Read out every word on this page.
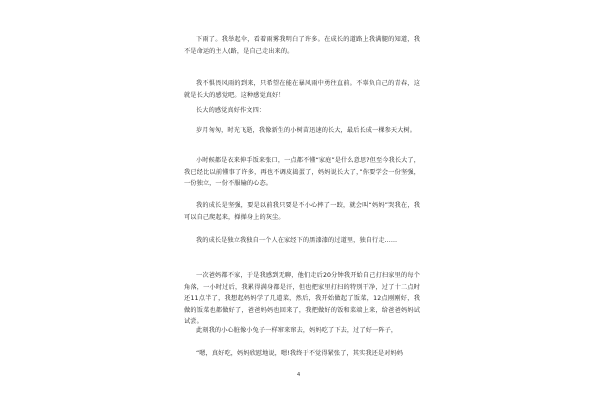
下雨了。我举起伞，看着雨雾我明白了许多。在成长的道路上我满腿的知道，我不是命运的主人(路，是自己走出来的。

我不惧畏风雨的到来，只希望在能在暴风雨中勇往直前。不辜负自己的青春，这就是长大的感觉吧。这种感觉真好！

长大的感觉真好作文四：

岁月匆匆，时光飞逝，我像新生的小树苗迅速的长大，最后长成一棵参天大树。

小时候都是衣来伸手饭来张口，一点都不懂“家庭”是什么意思?但至今我长大了，我已经比以前懂事了许多，再也不调皮捣蛋了，妈妈说长大了，”你要学会一份坚强，一份独立，一份不服输的心态。

我的成长是坚强，要是以前我只要是不小心摔了一跤，就会叫“妈妈”哭我在，我可以自己爬起来，掸掸身上的灰尘。

我的成长是独立我独自一个人在家经下的黑漆漆的过道里，独自行走……

一次爸妈都不家，于是我感到无聊，他们走后20分钟我开始自己打扫家里的每个角落，一小时过后，我累得满身都是汗，但也把家里打扫的特别干净，过了十二点时还11点半了，我想起妈妈学了几道菜，然后，我开始做起了饭菜，12点刚刚好，我做的饭菜也都做好了，爸爸妈妈也回来了，我把做好的饭和菜端上来，给爸爸妈妈试试尝。

此刻我的小心脏像小兔子一样窜来窜去，妈妈吃了下去，过了好一阵子，

“嗯，真好吃，妈妈欣慰地说，嗯!我终于不觉得紧张了，其实我还是对妈妈

4
